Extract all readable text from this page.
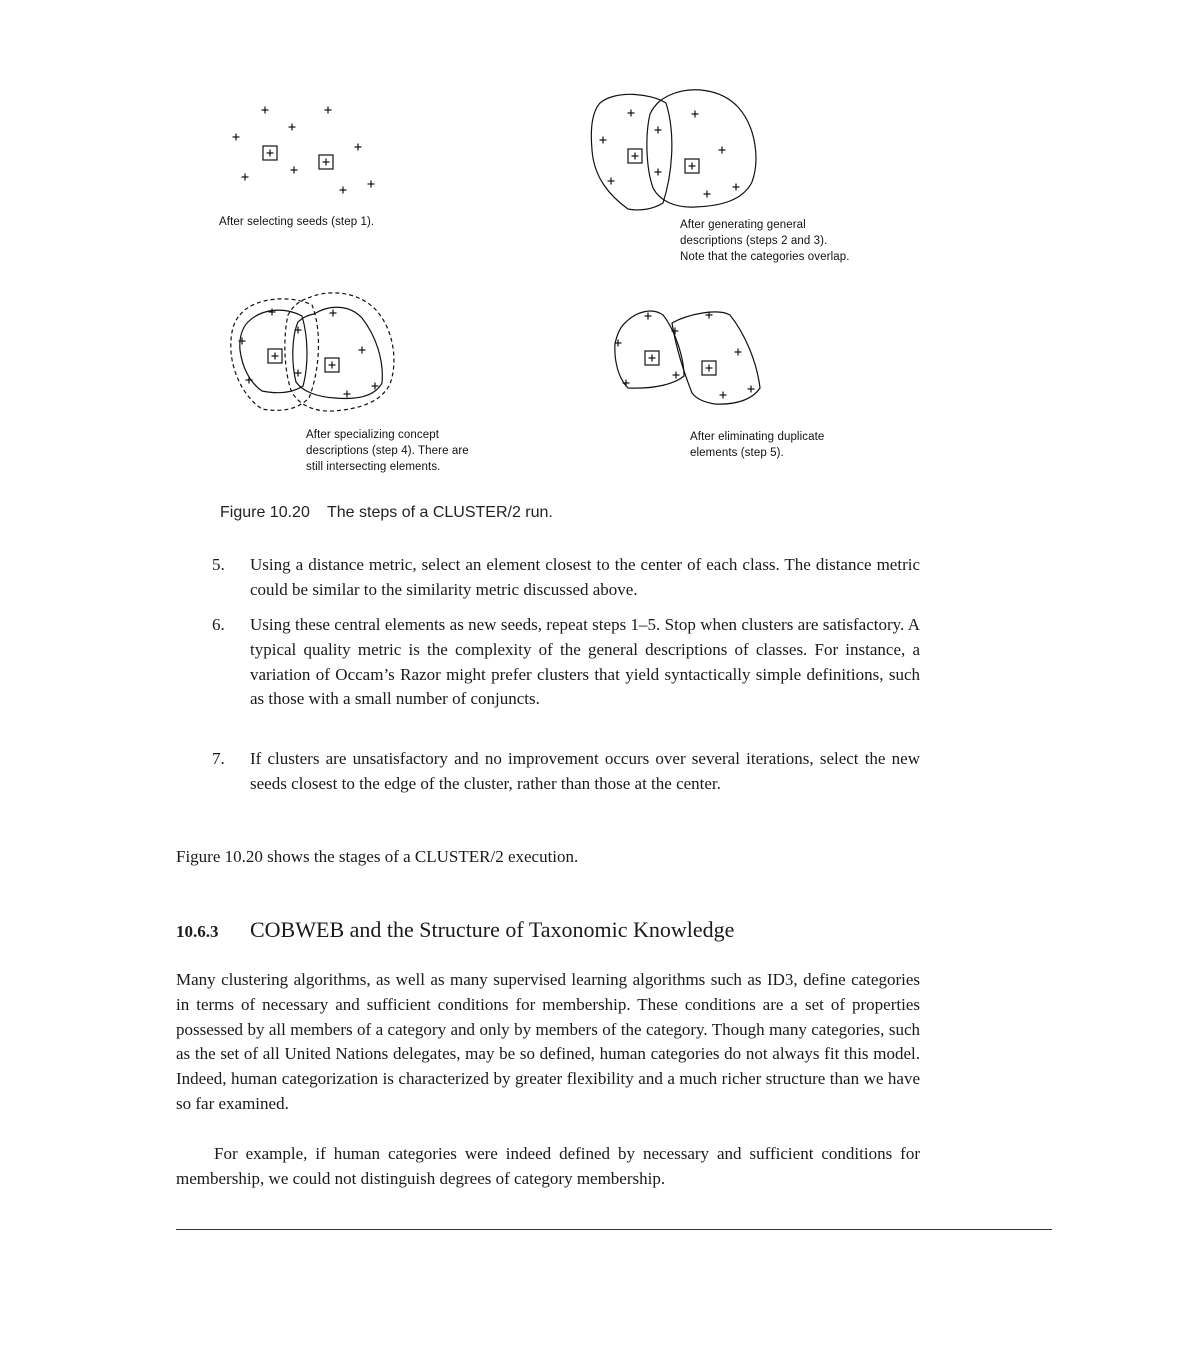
After selecting seeds (step 1).	After generating general
descriptions (steps 2 and 3).
Note that the categories overlap.
After specializing concept
descriptions (step 4). There are
still intersecting elements.
After eliminating duplicate
elements (step 5).
Figure 10.20 The steps of a CLUSTER/2 run.
5. Using a distance metric, select an element closest to the center of each class. The distance metric could be similar to the similarity metric discussed above.
6. Using these central elements as new seeds, repeat steps 1–5. Stop when clusters are satisfactory. A typical quality metric is the complexity of the general descriptions of classes. For instance, a variation of Occam’s Razor might prefer clusters that yield syntactically simple definitions, such as those with a small number of conjuncts.
7. If clusters are unsatisfactory and no improvement occurs over several iterations, select the new seeds closest to the edge of the cluster, rather than those at the center.
Figure 10.20 shows the stages of a CLUSTER/2 execution.
10.6.3 COBWEB and the Structure of Taxonomic Knowledge
Many clustering algorithms, as well as many supervised learning algorithms such as ID3, define categories in terms of necessary and sufficient conditions for membership. These conditions are a set of properties possessed by all members of a category and only by members of the category. Though many categories, such as the set of all United Nations delegates, may be so defined, human categories do not always fit this model. Indeed, human categorization is characterized by greater flexibility and a much richer structure than we have so far examined.
For example, if human categories were indeed defined by necessary and sufficient conditions for membership, we could not distinguish degrees of category membership.
